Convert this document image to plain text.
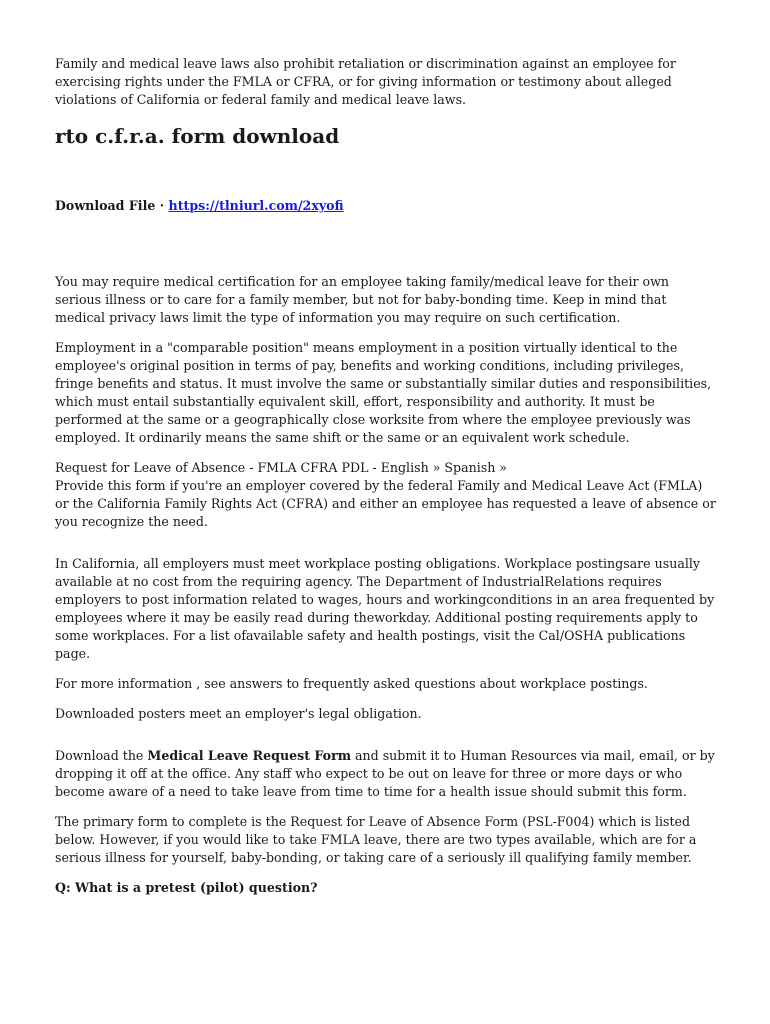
Family and medical leave laws also prohibit retaliation or discrimination against an employee for exercising rights under the FMLA or CFRA, or for giving information or testimony about alleged violations of California or federal family and medical leave laws.

rto c.f.r.a. form download

Download File · https://tlniurl.com/2xyofi

You may require medical certification for an employee taking family/medical leave for their own serious illness or to care for a family member, but not for baby-bonding time. Keep in mind that medical privacy laws limit the type of information you may require on such certification.

Employment in a "comparable position" means employment in a position virtually identical to the employee's original position in terms of pay, benefits and working conditions, including privileges, fringe benefits and status. It must involve the same or substantially similar duties and responsibilities, which must entail substantially equivalent skill, effort, responsibility and authority. It must be performed at the same or a geographically close worksite from where the employee previously was employed. It ordinarily means the same shift or the same or an equivalent work schedule.

Request for Leave of Absence - FMLA CFRA PDL - English » Spanish »

Provide this form if you're an employer covered by the federal Family and Medical Leave Act (FMLA) or the California Family Rights Act (CFRA) and either an employee has requested a leave of absence or you recognize the need.

In California, all employers must meet workplace posting obligations. Workplace postingsare usually available at no cost from the requiring agency. The Department of IndustrialRelations requires employers to post information related to wages, hours and workingconditions in an area frequented by employees where it may be easily read during theworkday. Additional posting requirements apply to some workplaces. For a list ofavailable safety and health postings, visit the Cal/OSHA publications page.

For more information , see answers to frequently asked questions about workplace postings.

Downloaded posters meet an employer's legal obligation.

Download the Medical Leave Request Form and submit it to Human Resources via mail, email, or by dropping it off at the office. Any staff who expect to be out on leave for three or more days or who become aware of a need to take leave from time to time for a health issue should submit this form.

The primary form to complete is the Request for Leave of Absence Form (PSL-F004) which is listed below. However, if you would like to take FMLA leave, there are two types available, which are for a serious illness for yourself, baby-bonding, or taking care of a seriously ill qualifying family member.

Q: What is a pretest (pilot) question?
